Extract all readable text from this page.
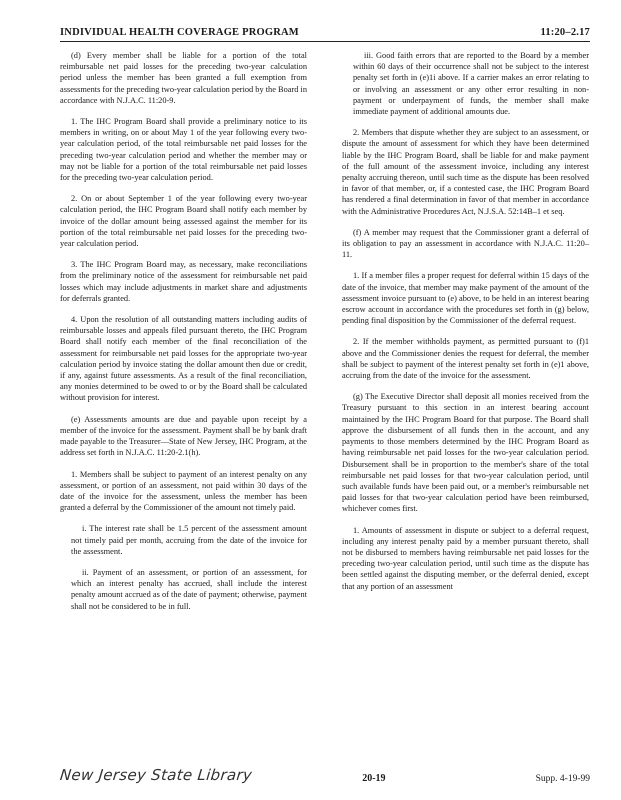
INDIVIDUAL HEALTH COVERAGE PROGRAM	11:20–2.17

(d) Every member shall be liable for a portion of the total reimbursable net paid losses for the preceding two-year calculation period unless the member has been granted a full exemption from assessments for the preceding two-year calculation period by the Board in accordance with N.J.A.C. 11:20-9.

1. The IHC Program Board shall provide a preliminary notice to its members in writing, on or about May 1 of the year following every two-year calculation period, of the total reimbursable net paid losses for the preceding two-year calculation period and whether the member may or may not be liable for a portion of the total reimbursable net paid losses for the preceding two-year calculation period.

2. On or about September 1 of the year following every two-year calculation period, the IHC Program Board shall notify each member by invoice of the dollar amount being assessed against the member for its portion of the total reimbursable net paid losses for the preceding two-year calculation period.

3. The IHC Program Board may, as necessary, make reconciliations from the preliminary notice of the assessment for reimbursable net paid losses which may include adjustments in market share and adjustments for deferrals granted.

4. Upon the resolution of all outstanding matters including audits of reimbursable losses and appeals filed pursuant thereto, the IHC Program Board shall notify each member of the final reconciliation of the assessment for reimbursable net paid losses for the appropriate two-year calculation period by invoice stating the dollar amount then due or credit, if any, against future assessments. As a result of the final reconciliation, any monies determined to be owed to or by the Board shall be calculated without provision for interest.

(e) Assessments amounts are due and payable upon receipt by a member of the invoice for the assessment. Payment shall be by bank draft made payable to the Treasurer—State of New Jersey, IHC Program, at the address set forth in N.J.A.C. 11:20-2.1(h).

1. Members shall be subject to payment of an interest penalty on any assessment, or portion of an assessment, not paid within 30 days of the date of the invoice for the assessment, unless the member has been granted a deferral by the Commissioner of the amount not timely paid.

i. The interest rate shall be 1.5 percent of the assessment amount not timely paid per month, accruing from the date of the invoice for the assessment.

ii. Payment of an assessment, or portion of an assessment, for which an interest penalty has accrued, shall include the interest penalty amount accrued as of the date of payment; otherwise, payment shall not be considered to be in full.

iii. Good faith errors that are reported to the Board by a member within 60 days of their occurrence shall not be subject to the interest penalty set forth in (e)1i above. If a carrier makes an error relating to or involving an assessment or any other error resulting in non-payment or underpayment of funds, the member shall make immediate payment of additional amounts due.

2. Members that dispute whether they are subject to an assessment, or dispute the amount of assessment for which they have been determined liable by the IHC Program Board, shall be liable for and make payment of the full amount of the assessment invoice, including any interest penalty accruing thereon, until such time as the dispute has been resolved in favor of that member, or, if a contested case, the IHC Program Board has rendered a final determination in favor of that member in accordance with the Administrative Procedures Act, N.J.S.A. 52:14B–1 et seq.

(f) A member may request that the Commissioner grant a deferral of its obligation to pay an assessment in accordance with N.J.A.C. 11:20–11.

1. If a member files a proper request for deferral within 15 days of the date of the invoice, that member may make payment of the amount of the assessment invoice pursuant to (e) above, to be held in an interest bearing escrow account in accordance with the procedures set forth in (g) below, pending final disposition by the Commissioner of the deferral request.

2. If the member withholds payment, as permitted pursuant to (f)1 above and the Commissioner denies the request for deferral, the member shall be subject to payment of the interest penalty set forth in (e)1 above, accruing from the date of the invoice for the assessment.

(g) The Executive Director shall deposit all monies received from the Treasury pursuant to this section in an interest bearing account maintained by the IHC Program Board for that purpose. The Board shall approve the disbursement of all funds then in the account, and any payments to those members determined by the IHC Program Board as having reimbursable net paid losses for the two-year calculation period. Disbursement shall be in proportion to the member's share of the total reimbursable net paid losses for that two-year calculation period, until such available funds have been paid out, or a member's reimbursable net paid losses for that two-year calculation period have been reimbursed, whichever comes first.

1. Amounts of assessment in dispute or subject to a deferral request, including any interest penalty paid by a member pursuant thereto, shall not be disbursed to members having reimbursable net paid losses for the preceding two-year calculation period, until such time as the dispute has been settled against the disputing member, or the deferral denied, except that any portion of an assessment

New Jersey State Library	20-19	Supp. 4-19-99
